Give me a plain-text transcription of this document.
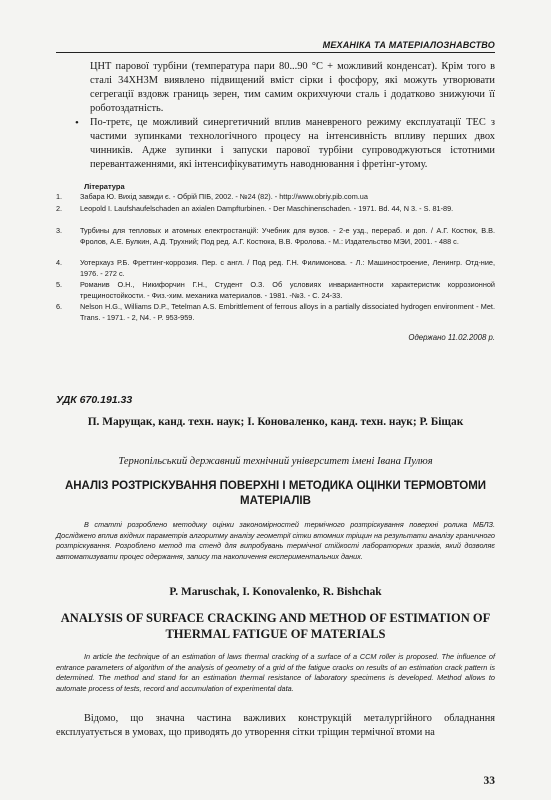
МЕХАНІКА ТА МАТЕРІАЛОЗНАВСТВО

ЦНТ парової турбіни (температура пари 80...90 °С + можливий конденсат). Крім того в сталі 34ХН3М виявлено підвищений вміст сірки і фосфору, які можуть утворювати сегрегації вздовж границь зерен, тим самим окрихчуючи сталь і додатково знижуючи її роботоздатність.

• По-третє, це можливий синергетичний вплив маневреного режиму експлуатації ТЕС з частими зупинками технологічного процесу на інтенсивність впливу перших двох чинників. Адже зупинки і запуски парової турбіни супроводжуються істотними перевантаженнями, які інтенсифікуватимуть наводнювання і фретінг-утому.

Література
1.	Забара Ю. Вихід завжди є. - Обрій ПІБ, 2002. - №24 (82). - http://www.obriy.pib.com.ua
2.	Leopold I. Laufshaufelschaden an axialen Dampfturbinen. - Der Maschinenschaden. - 1971. Bd. 44, N 3. - S. 81-89.
3.	Турбины для тепловых и атомных електростанцій: Учебник для вузов. - 2-е узд., перераб. и доп. / А.Г. Костюк, В.В. Фролов, А.Е. Булкин, А.Д. Трухний; Под ред. А.Г. Костюка, В.В. Фролова. - М.: Издательство МЭИ, 2001. - 488 с.
4.	Уотерхауз Р.Б. Фреттинг-коррозия. Пер. с англ. / Под ред. Г.Н. Филимонова. - Л.: Машиностроение, Ленингр. Отд-ние, 1976. - 272 с.
5.	Романив О.Н., Никифорчин Г.Н., Студент О.З. Об условиях инвариантности характеристик коррозионной трещиностойкости. - Физ.-хим. механика материалов. - 1981. -№3. - С. 24-33.
6.	Nelson H.G., Williams D.P., Tetelman A.S. Embrittlement of ferrous alloys in a partially dissociated hydrogen environment - Met. Trans. - 1971. - 2, N4. - P. 953-959.
Одержано 11.02.2008 р.
УДК 670.191.33
П. Марущак, канд. техн. наук; І. Коноваленко, канд. техн. наук; Р. Біщак
Тернопільський державний технічний університет імені Івана Пулюя
АНАЛІЗ РОЗТРІСКУВАННЯ ПОВЕРХНІ І МЕТОДИКА ОЦІНКИ ТЕРМОВТОМИ МАТЕРІАЛІВ

В статті розроблено методику оцінки закономірностей термічного розтріскування поверхні ролика МБЛЗ. Досліджено вплив вхідних параметрів алгоритму аналізу геометрії сітки втомних тріщин на результати аналізу граничного розтріскування. Розроблено метод та стенд для випробувань термічної стійкості лабораторних зразків, який дозволяє автоматизувати процес одержання, запису та накопичення експериментальних даних.

P. Maruschak, I. Konovalenko, R. Bishchak
ANALYSIS OF SURFACE CRACKING AND METHOD OF ESTIMATION OF THERMAL FATIGUE OF MATERIALS

In article the technique of an estimation of laws thermal cracking of a surface of a CCM roller is proposed. The influence of entrance parameters of algorithm of the analysis of geometry of a grid of the fatigue cracks on results of an estimation crack pattern is determined. The method and stand for an estimation thermal resistance of laboratory specimens is developed. Method allows to automate process of tests, record and accumulation of experimental data.

Відомо, що значна частина важливих конструкцій металургійного обладнання експлуатується в умовах, що приводять до утворення сітки тріщин термічної втоми на

33
